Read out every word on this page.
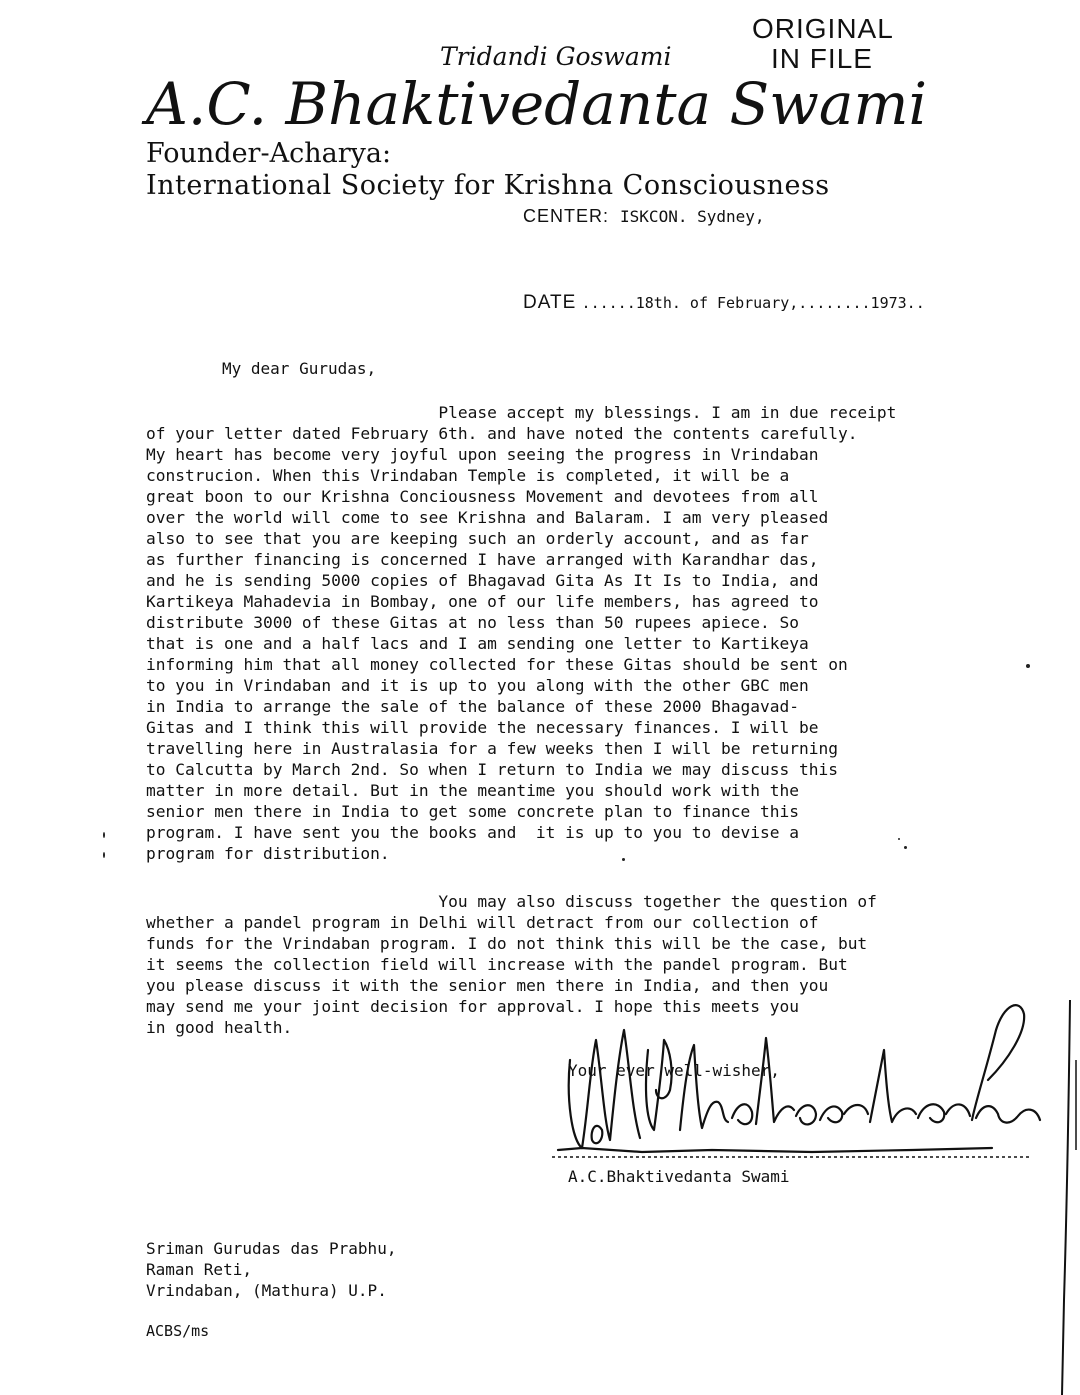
Tridandi Goswami
ORIGINAL
IN FILE
A.C. Bhaktivedanta Swami
Founder-Acharya:
International Society for Krishna Consciousness
CENTER: ISKCON. Sydney,
DATE ......18th. of February,........1973..
My dear Gurudas,
Please accept my blessings. I am in due receipt
of your letter dated February 6th. and have noted the contents carefully.
My heart has become very joyful upon seeing the progress in Vrindaban
construcion. When this Vrindaban Temple is completed, it will be a
great boon to our Krishna Conciousness Movement and devotees from all
over the world will come to see Krishna and Balaram. I am very pleased
also to see that you are keeping such an orderly account, and as far
as further financing is concerned I have arranged with Karandhar das,
and he is sending 5000 copies of Bhagavad Gita As It Is to India, and
Kartikeya Mahadevia in Bombay, one of our life members, has agreed to
distribute 3000 of these Gitas at no less than 50 rupees apiece. So
that is one and a half lacs and I am sending one letter to Kartikeya
informing him that all money collected for these Gitas should be sent on
to you in Vrindaban and it is up to you along with the other GBC men
in India to arrange the sale of the balance of these 2000 Bhagavad-
Gitas and I think this will provide the necessary finances. I will be
travelling here in Australasia for a few weeks then I will be returning
to Calcutta by March 2nd. So when I return to India we may discuss this
matter in more detail. But in the meantime you should work with the
senior men there in India to get some concrete plan to finance this
program. I have sent you the books and  it is up to you to devise a
program for distribution.
You may also discuss together the question of
whether a pandel program in Delhi will detract from our collection of
funds for the Vrindaban program. I do not think this will be the case, but
it seems the collection field will increase with the pandel program. But
you please discuss it with the senior men there in India, and then you
may send me your joint decision for approval. I hope this meets you
in good health.
Your ever well-wisher,
A.C.Bhaktivedanta Swami
Sriman Gurudas das Prabhu,
Raman Reti,
Vrindaban, (Mathura) U.P.
ACBS/ms
